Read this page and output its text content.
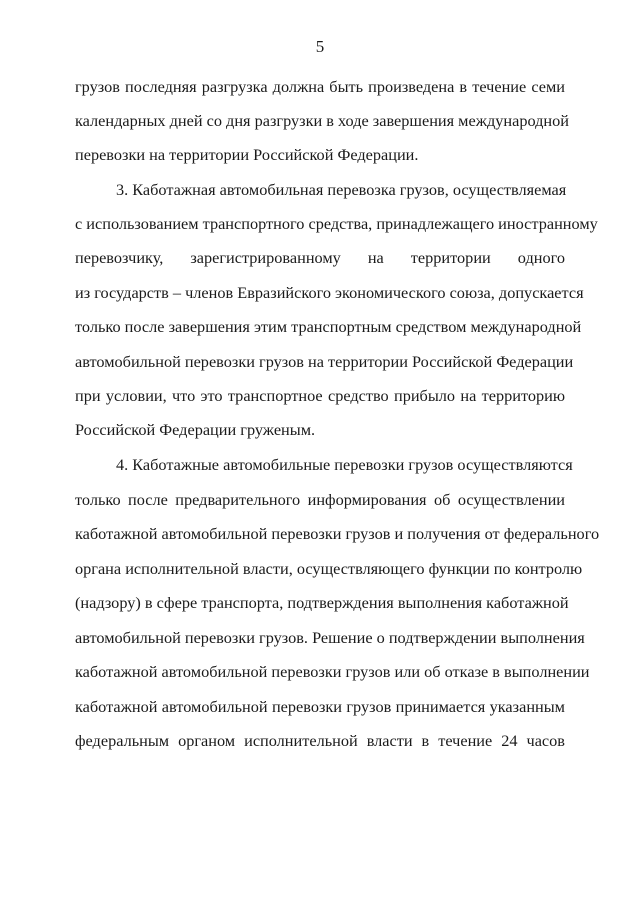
5
грузов последняя разгрузка должна быть произведена в течение семи
календарных дней со дня разгрузки в ходе завершения международной
перевозки на территории Российской Федерации.
3. Каботажная автомобильная перевозка грузов, осуществляемая
с использованием транспортного средства, принадлежащего иностранному
перевозчику, зарегистрированному на территории одного
из государств – членов Евразийского экономического союза, допускается
только после завершения этим транспортным средством международной
автомобильной перевозки грузов на территории Российской Федерации
при условии, что это транспортное средство прибыло на территорию
Российской Федерации груженым.
4. Каботажные автомобильные перевозки грузов осуществляются
только после предварительного информирования об осуществлении
каботажной автомобильной перевозки грузов и получения от федерального
органа исполнительной власти, осуществляющего функции по контролю
(надзору) в сфере транспорта, подтверждения выполнения каботажной
автомобильной перевозки грузов. Решение о подтверждении выполнения
каботажной автомобильной перевозки грузов или об отказе в выполнении
каботажной автомобильной перевозки грузов принимается указанным
федеральным органом исполнительной власти в течение 24 часов
